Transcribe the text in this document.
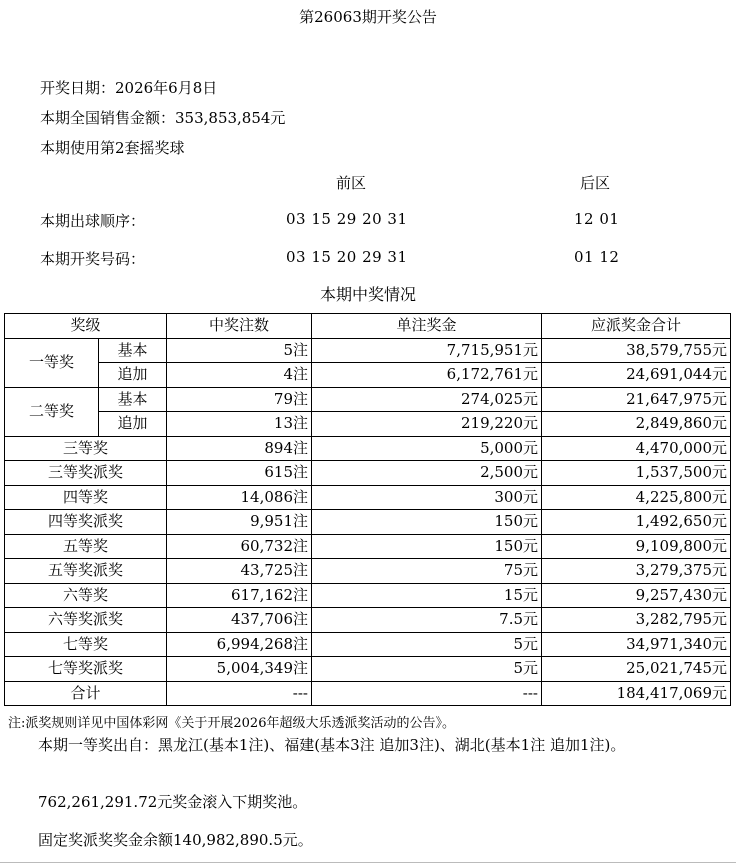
第26063期开奖公告
开奖日期：2026年6月8日
本期全国销售金额：353,853,854元
本期使用第2套摇奖球
前区	后区
本期出球顺序：	03 15 29 20 31	12 01
本期开奖号码：	03 15 20 29 31	01 12
本期中奖情况
奖级		中奖注数	单注奖金	应派奖金合计
一等奖	基本	5注	7,715,951元	38,579,755元
	追加	4注	6,172,761元	24,691,044元
二等奖	基本	79注	274,025元	21,647,975元
	追加	13注	219,220元	2,849,860元
三等奖		894注	5,000元	4,470,000元
三等奖派奖		615注	2,500元	1,537,500元
四等奖		14,086注	300元	4,225,800元
四等奖派奖		9,951注	150元	1,492,650元
五等奖		60,732注	150元	9,109,800元
五等奖派奖		43,725注	75元	3,279,375元
六等奖		617,162注	15元	9,257,430元
六等奖派奖		437,706注	7.5元	3,282,795元
七等奖		6,994,268注	5元	34,971,340元
七等奖派奖		5,004,349注	5元	25,021,745元
合计		---	---	184,417,069元
注:派奖规则详见中国体彩网《关于开展2026年超级大乐透派奖活动的公告》。
本期一等奖出自：黑龙江(基本1注)、福建(基本3注 追加3注)、湖北(基本1注 追加1注)。
762,261,291.72元奖金滚入下期奖池。
固定奖派奖奖金余额140,982,890.5元。
